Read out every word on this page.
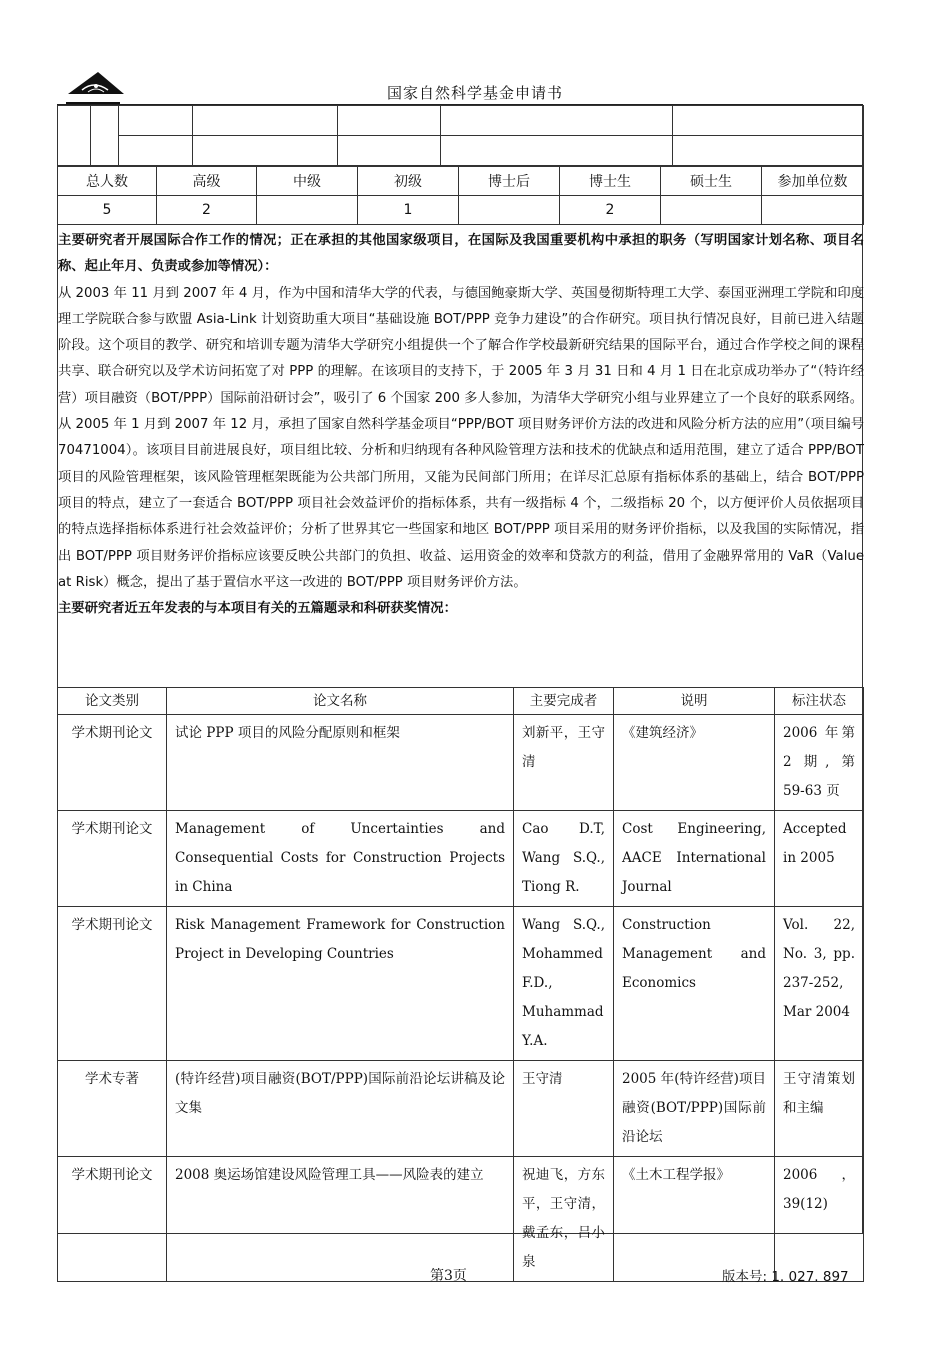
国家自然科学基金申请书

总人数	高级	中级	初级	博士后	博士生	硕士生	参加单位数
5	2		1		2		

主要研究者开展国际合作工作的情况；正在承担的其他国家级项目，在国际及我国重要机构中承担的职务（写明国家计划名称、项目名称、起止年月、负责或参加等情况）：

从 2003 年 11 月到 2007 年 4 月，作为中国和清华大学的代表，与德国鲍豪斯大学、英国曼彻斯特理工大学、泰国亚洲理工学院和印度理工学院联合参与欧盟 Asia-Link 计划资助重大项目“基础设施 BOT/PPP 竞争力建设”的合作研究。项目执行情况良好，目前已进入结题阶段。这个项目的教学、研究和培训专题为清华大学研究小组提供一个了解合作学校最新研究结果的国际平台，通过合作学校之间的课程共享、联合研究以及学术访问拓宽了对 PPP 的理解。在该项目的支持下，于 2005 年 3 月 31 日和 4 月 1 日在北京成功举办了“（特许经营）项目融资（BOT/PPP）国际前沿研讨会”，吸引了 6 个国家 200 多人参加，为清华大学研究小组与业界建立了一个良好的联系网络。

从 2005 年 1 月到 2007 年 12 月，承担了国家自然科学基金项目“PPP/BOT 项目财务评价方法的改进和风险分析方法的应用”（项目编号 70471004）。该项目目前进展良好，项目组比较、分析和归纳现有各种风险管理方法和技术的优缺点和适用范围，建立了适合 PPP/BOT 项目的风险管理框架，该风险管理框架既能为公共部门所用，又能为民间部门所用；在详尽汇总原有指标体系的基础上，结合 BOT/PPP 项目的特点，建立了一套适合 BOT/PPP 项目社会效益评价的指标体系，共有一级指标 4 个，二级指标 20 个，以方便评价人员依据项目的特点选择指标体系进行社会效益评价；分析了世界其它一些国家和地区 BOT/PPP 项目采用的财务评价指标，以及我国的实际情况，指出 BOT/PPP 项目财务评价指标应该要反映公共部门的负担、收益、运用资金的效率和贷款方的利益，借用了金融界常用的 VaR（Value at Risk）概念，提出了基于置信水平这一改进的 BOT/PPP 项目财务评价方法。

主要研究者近五年发表的与本项目有关的五篇题录和科研获奖情况：

论文类别	论文名称	主要完成者	说明	标注状态
学术期刊论文	试论 PPP 项目的风险分配原则和框架	刘新平，王守清	《建筑经济》	2006 年第 2 期, 第 59-63 页
学术期刊论文	Management of Uncertainties and Consequential Costs for Construction Projects in China	Cao D.T, Wang S.Q., Tiong R.	Cost Engineering, AACE International Journal	Accepted in 2005
学术期刊论文	Risk Management Framework for Construction Project in Developing Countries	Wang S.Q., Mohammed F.D., Muhammad Y.A.	Construction Management and Economics	Vol. 22, No. 3, pp. 237-252, Mar 2004
学术专著	(特许经营)项目融资(BOT/PPP)国际前沿论坛讲稿及论文集	王守清	2005 年(特许经营)项目融资(BOT/PPP)国际前沿论坛	王守清策划和主编
学术期刊论文	2008 奥运场馆建设风险管理工具——风险表的建立	祝迪飞，方东平，王守清，戴孟东，吕小泉	《土木工程学报》	2006 ，39(12)
第3页	版本号: 1. 027. 897
